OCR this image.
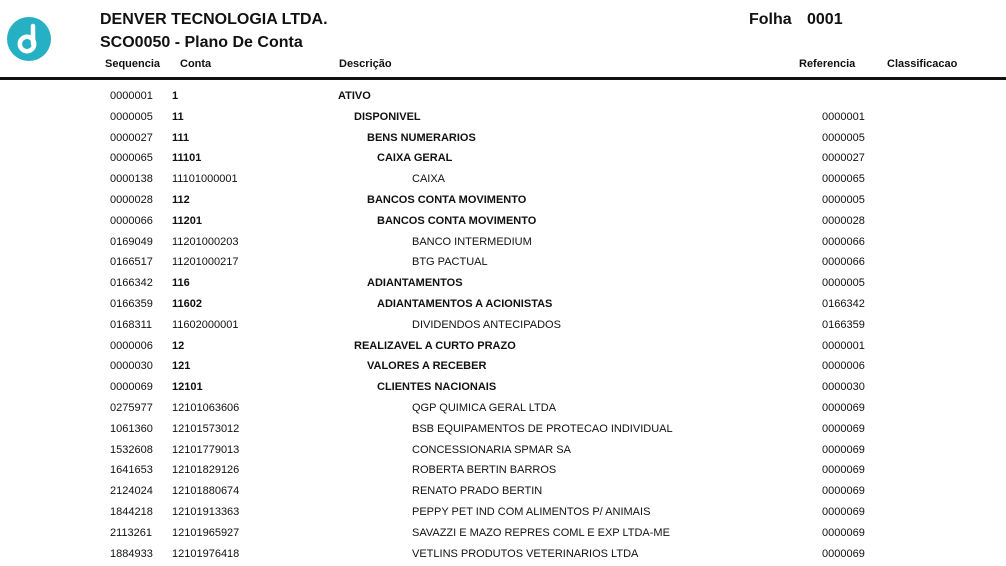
DENVER TECNOLOGIA LTDA.
SCO0050 - Plano De Conta
Folha 0001
Sequencia Conta	Descrição	Referencia	Classificacao
0000001 1	ATIVO
0000005 11	DISPONIVEL	0000001
0000027 111	BENS NUMERARIOS	0000005
0000065 11101	CAIXA GERAL	0000027
0000138 11101000001	CAIXA	0000065
0000028 112	BANCOS CONTA MOVIMENTO	0000005
0000066 11201	BANCOS CONTA MOVIMENTO	0000028
0169049 11201000203	BANCO INTERMEDIUM	0000066
0166517 11201000217	BTG PACTUAL	0000066
0166342 116	ADIANTAMENTOS	0000005
0166359 11602	ADIANTAMENTOS A ACIONISTAS	0166342
0168311 11602000001	DIVIDENDOS ANTECIPADOS	0166359
0000006 12	REALIZAVEL A CURTO PRAZO	0000001
0000030 121	VALORES A RECEBER	0000006
0000069 12101	CLIENTES NACIONAIS	0000030
0275977 12101063606	QGP QUIMICA GERAL LTDA	0000069
1061360 12101573012	BSB EQUIPAMENTOS DE PROTECAO INDIVIDUAL	0000069
1532608 12101779013	CONCESSIONARIA SPMAR SA	0000069
1641653 12101829126	ROBERTA BERTIN BARROS	0000069
2124024 12101880674	RENATO PRADO BERTIN	0000069
1844218 12101913363	PEPPY PET IND COM ALIMENTOS P/ ANIMAIS	0000069
2113261 12101965927	SAVAZZI E MAZO REPRES COML E EXP LTDA-ME	0000069
1884933 12101976418	VETLINS PRODUTOS VETERINARIOS LTDA	0000069
